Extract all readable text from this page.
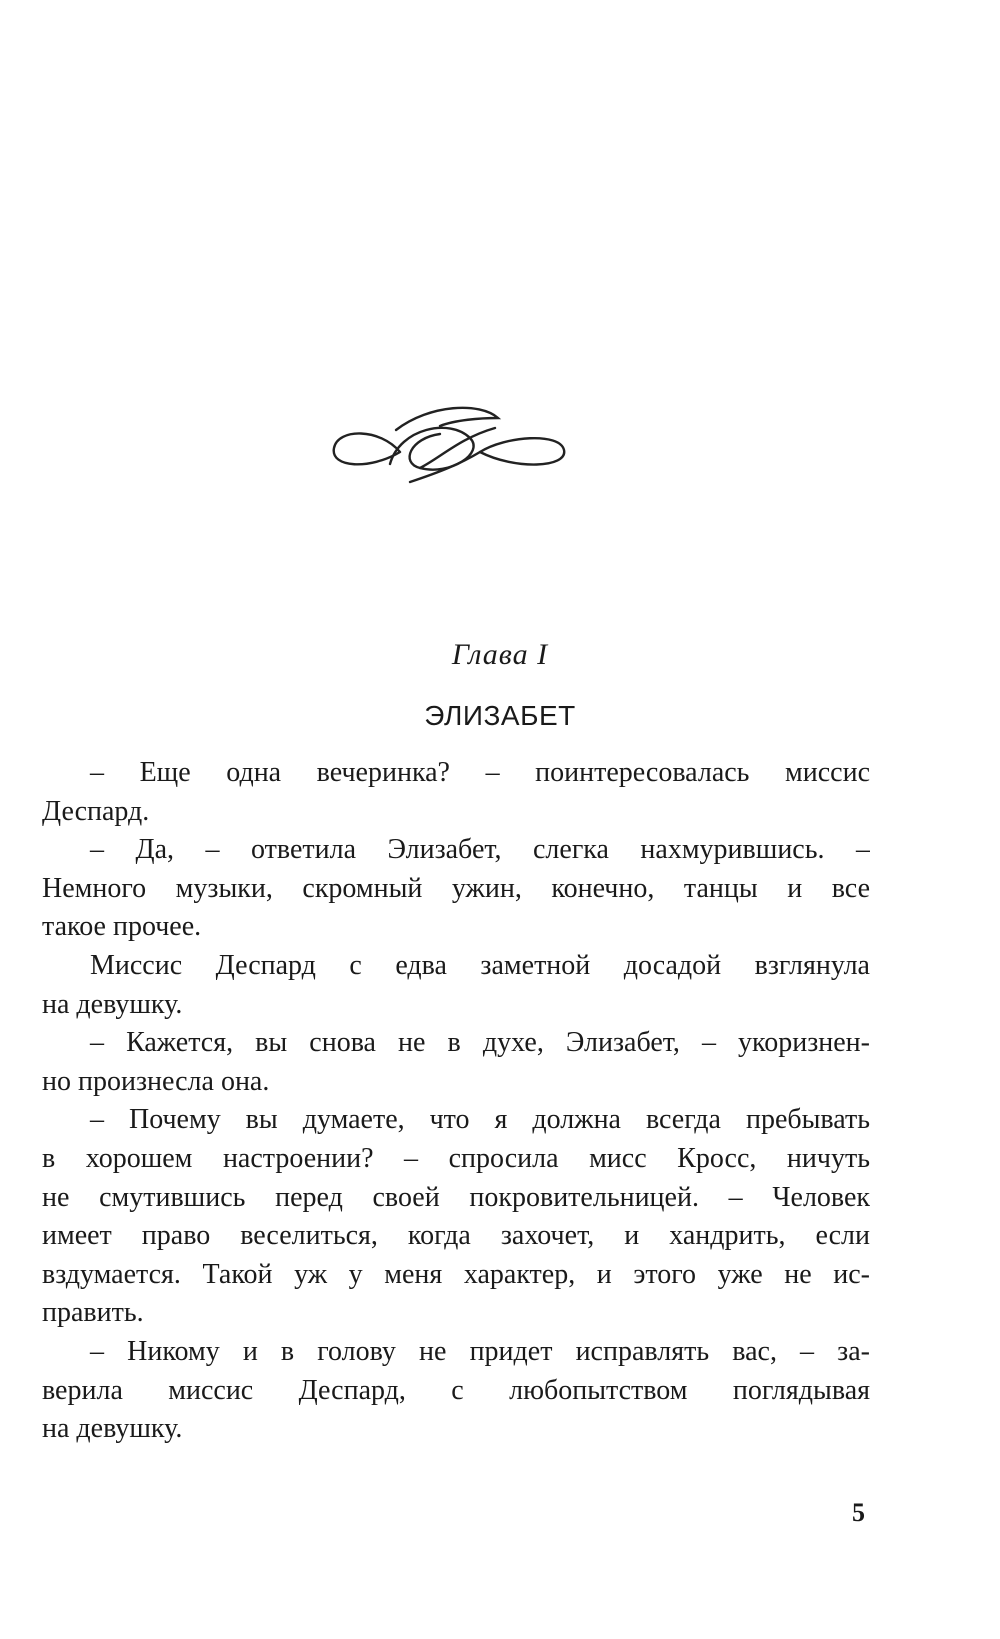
Глава I
ЭЛИЗАБЕТ
– Еще одна вечеринка? – поинтересовалась миссис
Деспард.
– Да, – ответила Элизабет, слегка нахмурившись. –
Немного музыки, скромный ужин, конечно, танцы и все
такое прочее.
Миссис Деспард с едва заметной досадой взглянула
на девушку.
– Кажется, вы снова не в духе, Элизабет, – укоризнен-
но произнесла она.
– Почему вы думаете, что я должна всегда пребывать
в хорошем настроении? – спросила мисс Кросс, ничуть
не смутившись перед своей покровительницей. – Человек
имеет право веселиться, когда захочет, и хандрить, если
вздумается. Такой уж у меня характер, и этого уже не ис-
править.
– Никому и в голову не придет исправлять вас, – за-
верила миссис Деспард, с любопытством поглядывая
на девушку.
5
